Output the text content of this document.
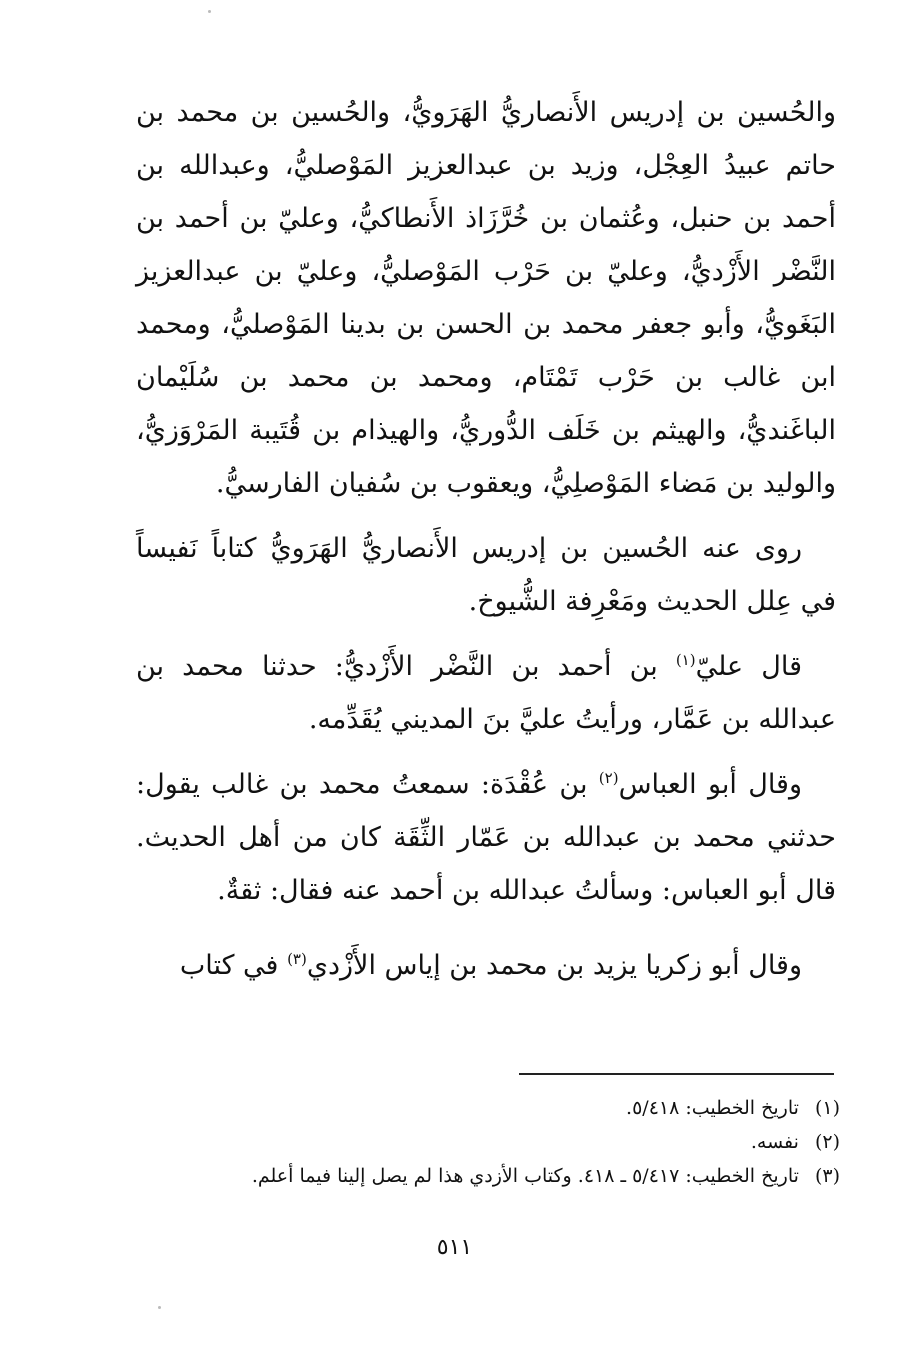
والحُسين بن إدريس الأَنصاريُّ الهَرَويُّ، والحُسين بن محمد بن حاتم عبيدُ العِجْل، وزيد بن عبدالعزيز المَوْصليُّ، وعبدالله بن أحمد بن حنبل، وعُثمان بن خُرَّزَاذ الأَنطاكيُّ، وعليّ بن أحمد بن النَّضْر الأَزْديُّ، وعليّ بن حَرْب المَوْصليُّ، وعليّ بن عبدالعزيز البَغَويُّ، وأبو جعفر محمد بن الحسن بن بدينا المَوْصليُّ، ومحمد ابن غالب بن حَرْب تَمْتَام، ومحمد بن محمد بن سُلَيْمان الباغَنديُّ، والهيثم بن خَلَف الدُّوريُّ، والهيذام بن قُتَيبة المَرْوَزيُّ، والوليد بن مَضاء المَوْصلِيُّ، ويعقوب بن سُفيان الفارسيُّ.

روى عنه الحُسين بن إدريس الأَنصاريُّ الهَرَويُّ كتاباً نَفيساً في عِلل الحديث ومَعْرِفة الشُّيوخ.

قال عليّ$^{(١)}$ بن أحمد بن النَّضْر الأَزْديُّ: حدثنا محمد بن عبدالله بن عَمَّار، ورأيتُ عليَّ بنَ المديني يُقَدِّمه.

وقال أبو العباس$^{(٢)}$ بن عُقْدَة: سمعتُ محمد بن غالب يقول: حدثني محمد بن عبدالله بن عَمّار الثِّقَة كان من أهل الحديث. قال أبو العباس: وسألتُ عبدالله بن أحمد عنه فقال: ثقةٌ.

وقال أبو زكريا يزيد بن محمد بن إياس الأَزْدي$^{(٣)}$ في كتاب

(١)تاريخ الخطيب: ٥/٤١٨.
(٢)نفسه.
(٣)تاريخ الخطيب: ٥/٤١٧ ـ ٤١٨. وكتاب الأزدي هذا لم يصل إلينا فيما أعلم.
٥١١
